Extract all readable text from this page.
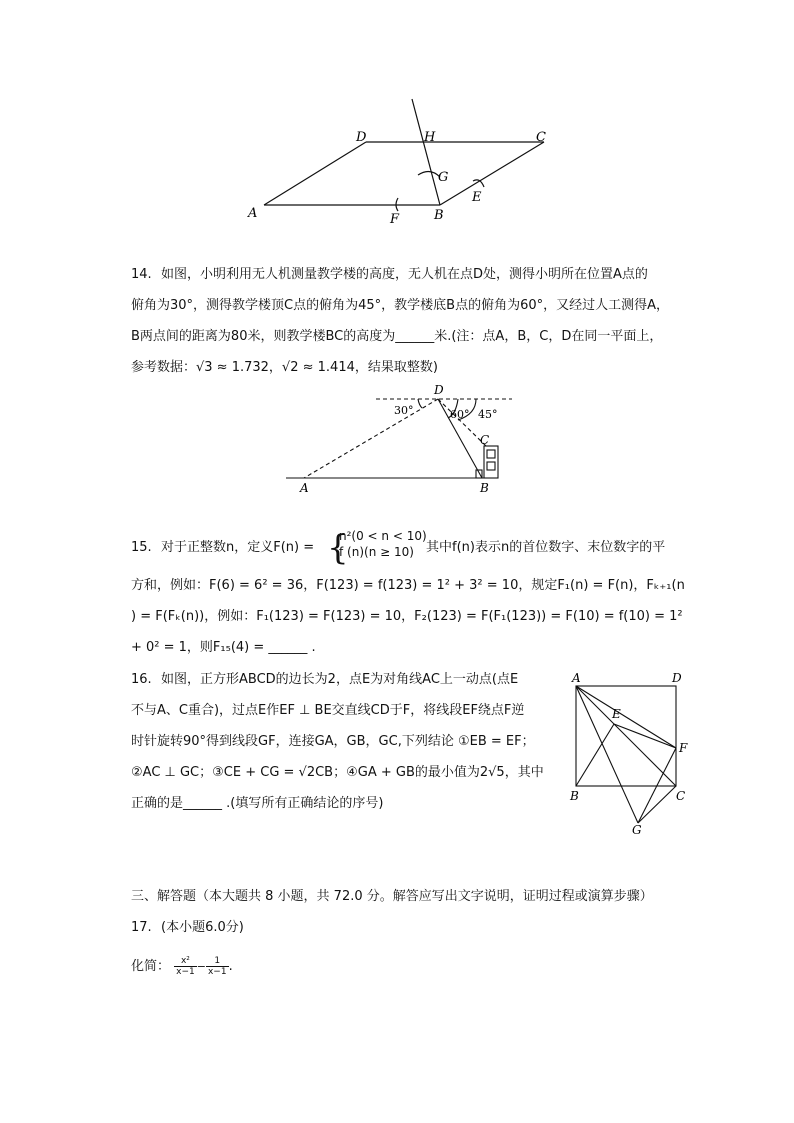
D	H	C
G
E
A	F	B
14. 如图，小明利用无人机测量教学楼的高度，无人机在点D处，测得小明所在位置A点的
俯角为30°，测得教学楼顶C点的俯角为45°，教学楼底B点的俯角为60°，又经过人工测得A，
B两点间的距离为80米，则教学楼BC的高度为______米.(注：点A，B，C，D在同一平面上，
参考数据：√3 ≈ 1.732，√2 ≈ 1.414，结果取整数)
D
C
A	B
30°	60° 45°
15. 对于正整数n，定义F(n) = {
n²(0 < n < 10)
f (n)(n ≥ 10) 其中f(n)表示n的首位数字、末位数字的平
方和，例如：F(6) = 6² = 36，F(123) = f(123) = 1² + 3² = 10，规定F₁(n) = F(n)，Fₖ₊₁(n
) = F(Fₖ(n))，例如：F₁(123) = F(123) = 10，F₂(123) = F(F₁(123)) = F(10) = f(10) = 1²
+ 0² = 1，则F₁₅(4) = ______ .
16. 如图，正方形ABCD的边长为2，点E为对角线AC上一动点(点E
不与A、C重合)，过点E作EF ⊥ BE交直线CD于F，将线段EF绕点F逆
时针旋转90°得到线段GF，连接GA，GB，GC,下列结论 ①EB = EF；
②AC ⊥ GC；③CE + CG = √2CB；④GA + GB的最小值为2√5，其中
正确的是______ .(填写所有正确结论的序号)
A	D
E
F
B	C
G
三、解答题（本大题共 8 小题，共 72.0 分。解答应写出文字说明，证明过程或演算步骤）
17. (本小题6.0分)
化简： $\frac{\text{x²}}{x-1} - \frac{1}{x-1}$ .
